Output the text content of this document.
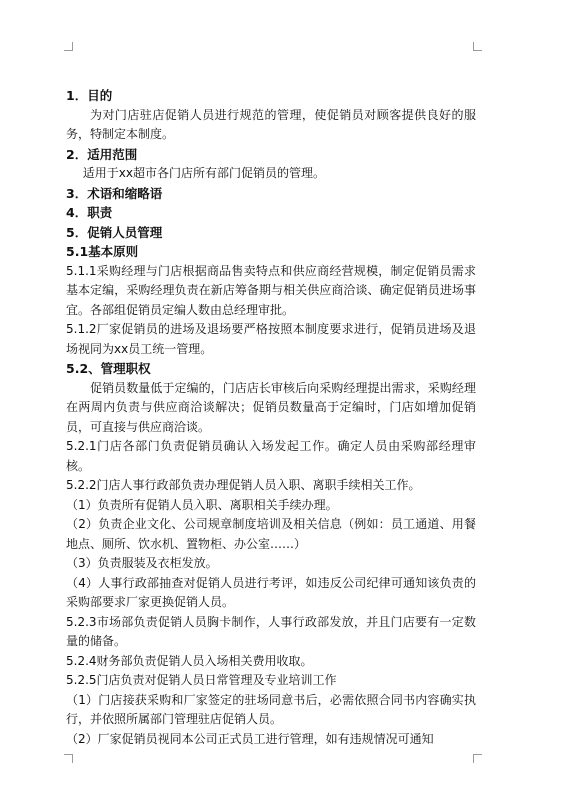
1．目的

为对门店驻店促销人员进行规范的管理，使促销员对顾客提供良好的服务，特制定本制度。

2．适用范围

适用于xx超市各门店所有部门促销员的管理。

3．术语和缩略语

4．职责

5．促销人员管理

5.1基本原则

5.1.1采购经理与门店根据商品售卖特点和供应商经营规模，制定促销员需求基本定编，采购经理负责在新店筹备期与相关供应商洽谈、确定促销员进场事宜。各部组促销员定编人数由总经理审批。

5.1.2厂家促销员的进场及退场要严格按照本制度要求进行，促销员进场及退场视同为xx员工统一管理。

5.2、管理职权

促销员数量低于定编的，门店店长审核后向采购经理提出需求，采购经理在两周内负责与供应商洽谈解决；促销员数量高于定编时，门店如增加促销员，可直接与供应商洽谈。

5.2.1门店各部门负责促销员确认入场发起工作。确定人员由采购部经理审核。

5.2.2门店人事行政部负责办理促销人员入职、离职手续相关工作。

（1）负责所有促销人员入职、离职相关手续办理。

（2）负责企业文化、公司规章制度培训及相关信息（例如：员工通道、用餐地点、厕所、饮水机、置物柜、办公室……）

（3）负责服装及衣柜发放。

（4）人事行政部抽查对促销人员进行考评，如违反公司纪律可通知该负责的采购部要求厂家更换促销人员。

5.2.3市场部负责促销人员胸卡制作，人事行政部发放，并且门店要有一定数量的储备。

5.2.4财务部负责促销人员入场相关费用收取。

5.2.5门店负责对促销人员日常管理及专业培训工作

（1）门店接获采购和厂家签定的驻场同意书后，必需依照合同书内容确实执行，并依照所属部门管理驻店促销人员。

（2）厂家促销员视同本公司正式员工进行管理，如有违规情况可通知
